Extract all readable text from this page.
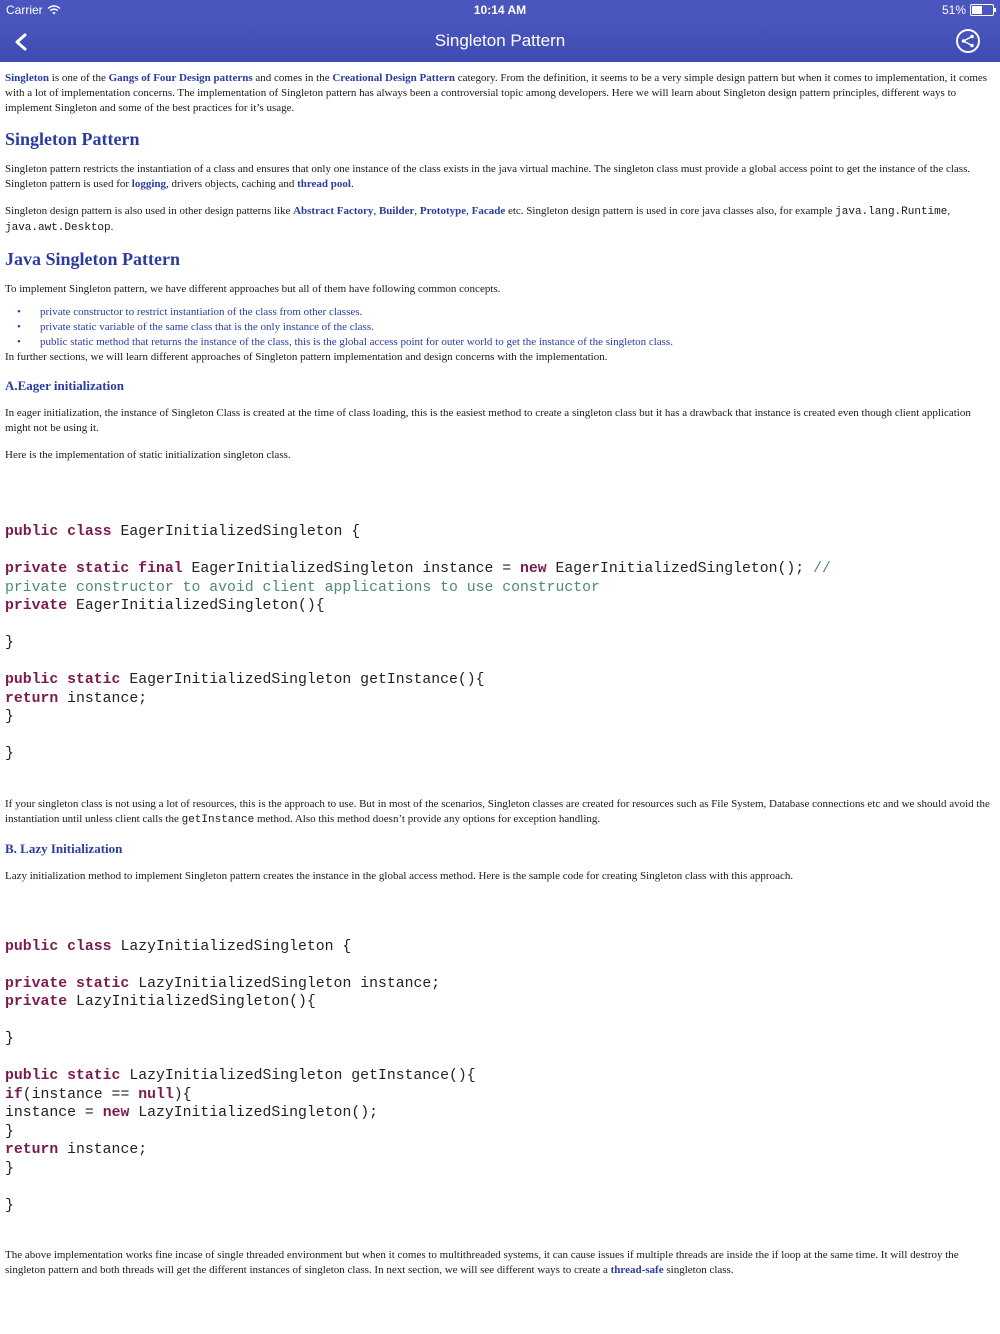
Carrier	10:14 AM	51%
Singleton Pattern

Singleton is one of the Gangs of Four Design patterns and comes in the Creational Design Pattern category. From the definition, it seems to be a very simple design pattern but when it comes to implementation, it comes with a lot of implementation concerns. The implementation of Singleton pattern has always been a controversial topic among developers. Here we will learn about Singleton design pattern principles, different ways to implement Singleton and some of the best practices for it’s usage.

Singleton Pattern

Singleton pattern restricts the instantiation of a class and ensures that only one instance of the class exists in the java virtual machine. The singleton class must provide a global access point to get the instance of the class. Singleton pattern is used for logging, drivers objects, caching and thread pool.

Singleton design pattern is also used in other design patterns like Abstract Factory, Builder, Prototype, Facade etc. Singleton design pattern is used in core java classes also, for example java.lang.Runtime, java.awt.Desktop.

Java Singleton Pattern

To implement Singleton pattern, we have different approaches but all of them have following common concepts.

• private constructor to restrict instantiation of the class from other classes.
• private static variable of the same class that is the only instance of the class.
• public static method that returns the instance of the class, this is the global access point for outer world to get the instance of the singleton class.

In further sections, we will learn different approaches of Singleton pattern implementation and design concerns with the implementation.

A.Eager initialization

In eager initialization, the instance of Singleton Class is created at the time of class loading, this is the easiest method to create a singleton class but it has a drawback that instance is created even though client application might not be using it.

Here is the implementation of static initialization singleton class.

public class EagerInitializedSingleton {

private static final EagerInitializedSingleton instance = new EagerInitializedSingleton(); //
private constructor to avoid client applications to use constructor
private EagerInitializedSingleton(){

}

public static EagerInitializedSingleton getInstance(){
return instance;
}

}

If your singleton class is not using a lot of resources, this is the approach to use. But in most of the scenarios, Singleton classes are created for resources such as File System, Database connections etc and we should avoid the instantiation until unless client calls the getInstance method. Also this method doesn’t provide any options for exception handling.

B. Lazy Initialization

Lazy initialization method to implement Singleton pattern creates the instance in the global access method. Here is the sample code for creating Singleton class with this approach.

public class LazyInitializedSingleton {

private static LazyInitializedSingleton instance;
private LazyInitializedSingleton(){

}

public static LazyInitializedSingleton getInstance(){
if(instance == null){
instance = new LazyInitializedSingleton();
}
return instance;
}

}

The above implementation works fine incase of single threaded environment but when it comes to multithreaded systems, it can cause issues if multiple threads are inside the if loop at the same time. It will destroy the singleton pattern and both threads will get the different instances of singleton class. In next section, we will see different ways to create a thread-safe singleton class.
